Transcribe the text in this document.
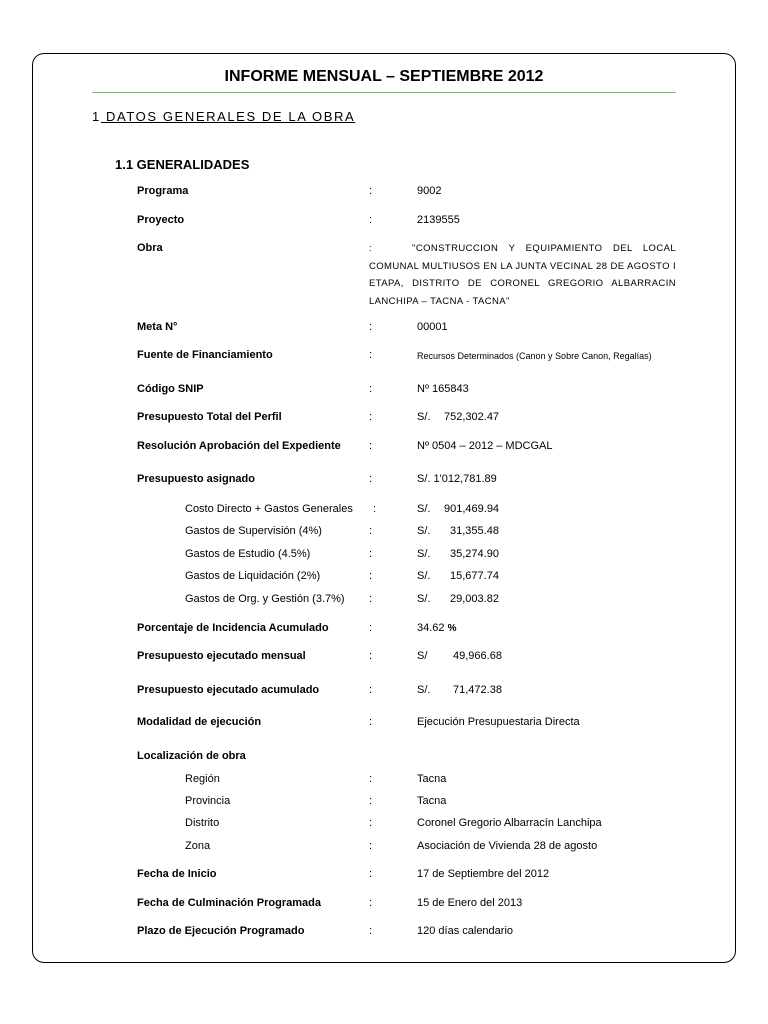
INFORME MENSUAL – SEPTIEMBRE 2012
1 DATOS GENERALES DE LA OBRA
1.1 GENERALIDADES
Programa	:	9002
Proyecto	:	2139555
Obra	:	"CONSTRUCCION Y EQUIPAMIENTO DEL LOCAL COMUNAL MULTIUSOS EN LA JUNTA VECINAL 28 DE AGOSTO I ETAPA, DISTRITO DE CORONEL GREGORIO ALBARRACIN LANCHIPA – TACNA - TACNA"
Meta N°	:	00001
Fuente de Financiamiento	:	Recursos Determinados (Canon y Sobre Canon, Regalías)
Código SNIP	:	Nº 165843
Presupuesto Total del Perfil	:	S/. 752,302.47
Resolución Aprobación del Expediente	:	Nº 0504 – 2012 – MDCGAL
Presupuesto asignado	:	S/. 1'012,781.89
Costo Directo + Gastos Generales :	S/. 901,469.94
Gastos de Supervisión (4%)	:	S/. 31,355.48
Gastos de Estudio (4.5%)	:	S/. 35,274.90
Gastos de Liquidación (2%)	:	S/. 15,677.74
Gastos de Org. y Gestión (3.7%) :	S/. 29,003.82
Porcentaje de Incidencia Acumulado	:	34.62 %
Presupuesto ejecutado mensual	:	S/ 49,966.68
Presupuesto ejecutado acumulado	:	S/. 71,472.38
Modalidad de ejecución	:	Ejecución Presupuestaria Directa
Localización de obra
Región	:	Tacna
Provincia	:	Tacna
Distrito	:	Coronel Gregorio Albarracín Lanchipa
Zona	:	Asociación de Vivienda 28 de agosto
Fecha de Inicio	:	17 de Septiembre del 2012
Fecha de Culminación Programada	:	15 de Enero del 2013
Plazo de Ejecución Programado	:	120 días calendario
